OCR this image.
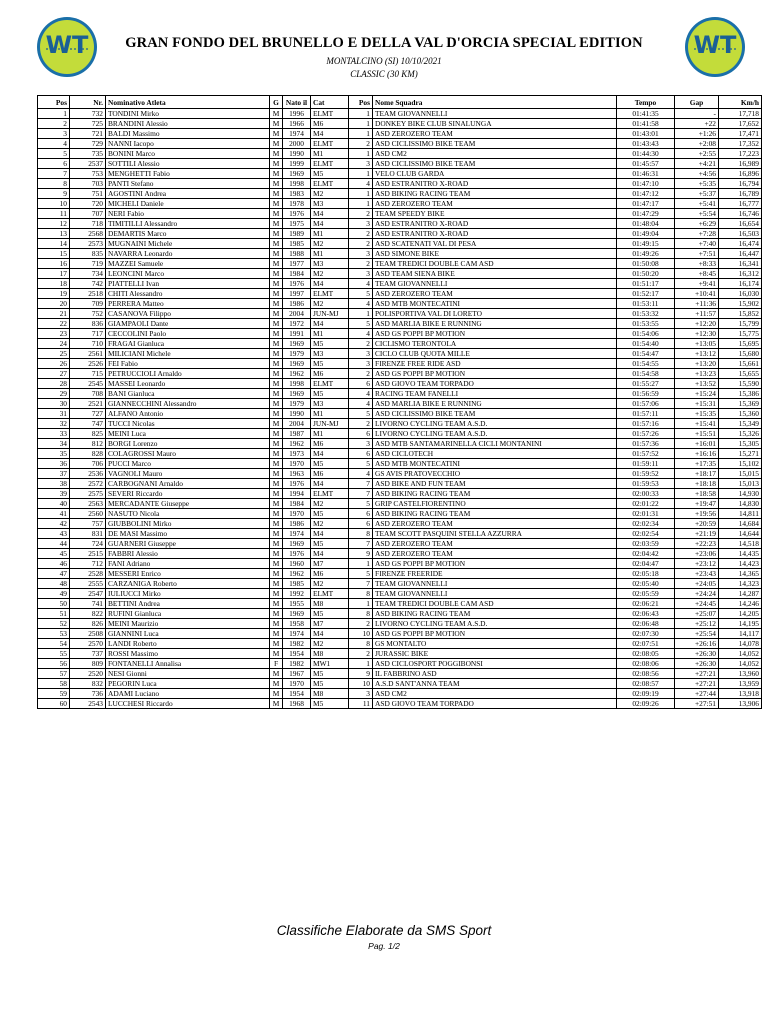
WT	WT
GRAN FONDO DEL BRUNELLO E DELLA VAL D'ORCIA SPECIAL EDITION
MONTALCINO (SI) 10/10/2021
CLASSIC (30 KM)
Pos	Nr.	Nominativo Atleta	G	Nato il	Cat	Pos	Nome Squadra	Tempo	Gap	Km/h
1	732	TONDINI Mirko	M	1996	ELMT	1	TEAM GIOVANNELLI	01:41:35	-	17,718
2	725	BRANDINI Alessio	M	1966	M6	1	DONKEY BIKE CLUB SINALUNGA	01:41:58	+22	17,652
3	721	BALDI Massimo	M	1974	M4	1	ASD ZEROZERO TEAM	01:43:01	+1:26	17,471
4	729	NANNI Iacopo	M	2000	ELMT	2	ASD CICLISSIMO BIKE TEAM	01:43:43	+2:08	17,352
5	735	BONINI Marco	M	1990	M1	1	ASD CM2	01:44:30	+2:55	17,223
6	2537	SOTTILI Alessio	M	1999	ELMT	3	ASD CICLISSIMO BIKE TEAM	01:45:57	+4:21	16,989
7	753	MENGHETTI Fabio	M	1969	M5	1	VELO CLUB GARDA	01:46:31	+4:56	16,896
8	703	PANTI Stefano	M	1998	ELMT	4	ASD ESTRANITRO X-ROAD	01:47:10	+5:35	16,794
9	751	AGOSTINI Andrea	M	1983	M2	1	ASD BIKING RACING TEAM	01:47:12	+5:37	16,789
10	720	MICHELI Daniele	M	1978	M3	1	ASD ZEROZERO TEAM	01:47:17	+5:41	16,777
11	707	NERI Fabio	M	1976	M4	2	TEAM SPEEDY BIKE	01:47:29	+5:54	16,746
12	718	TIMITILLI Alessandro	M	1975	M4	3	ASD ESTRANITRO X-ROAD	01:48:04	+6:29	16,654
13	2568	DEMARTIS Marco	M	1989	M1	2	ASD ESTRANITRO X-ROAD	01:49:04	+7:28	16,503
14	2573	MUGNAINI Michele	M	1985	M2	2	ASD SCATENATI VAL DI PESA	01:49:15	+7:40	16,474
15	835	NAVARRA Leonardo	M	1988	M1	3	ASD SIMONE BIKE	01:49:26	+7:51	16,447
16	719	MAZZEI Samuele	M	1977	M3	2	TEAM TREDICI DOUBLE CAM ASD	01:50:08	+8:33	16,341
17	734	LEONCINI Marco	M	1984	M2	3	ASD TEAM SIENA BIKE	01:50:20	+8:45	16,312
18	742	PIATTELLI Ivan	M	1976	M4	4	TEAM GIOVANNELLI	01:51:17	+9:41	16,174
19	2518	CHITI Alessandro	M	1997	ELMT	5	ASD ZEROZERO TEAM	01:52:17	+10:41	16,030
20	709	PERRERA Matteo	M	1986	M2	4	ASD MTB MONTECATINI	01:53:11	+11:36	15,902
21	752	CASANOVA Filippo	M	2004	JUN-MJ	1	POLISPORTIVA VAL DI LORETO	01:53:32	+11:57	15,852
22	836	GIAMPAOLI Dante	M	1972	M4	5	ASD MARLIA BIKE E RUNNING	01:53:55	+12:20	15,799
23	717	CECCOLINI Paolo	M	1991	M1	4	ASD GS POPPI BP MOTION	01:54:06	+12:30	15,775
24	710	FRAGAI Gianluca	M	1969	M5	2	CICLISMO TERONTOLA	01:54:40	+13:05	15,695
25	2561	MILICIANI Michele	M	1979	M3	3	CICLO CLUB QUOTA MILLE	01:54:47	+13:12	15,680
26	2526	FEI Fabio	M	1969	M5	3	FIRENZE FREE RIDE ASD	01:54:55	+13:20	15,661
27	715	PETRUCCIOLI Arnaldo	M	1962	M6	2	ASD GS POPPI BP MOTION	01:54:58	+13:23	15,655
28	2545	MASSEI Leonardo	M	1998	ELMT	6	ASD GIOVO TEAM TORPADO	01:55:27	+13:52	15,590
29	708	BANI Gianluca	M	1969	M5	4	RACING TEAM FANELLI	01:56:59	+15:24	15,386
30	2521	GIANNECCHINI Alessandro	M	1979	M3	4	ASD MARLIA BIKE E RUNNING	01:57:06	+15:31	15,369
31	727	ALFANO Antonio	M	1990	M1	5	ASD CICLISSIMO BIKE TEAM	01:57:11	+15:35	15,360
32	747	TUCCI Nicolas	M	2004	JUN-MJ	2	LIVORNO CYCLING TEAM A.S.D.	01:57:16	+15:41	15,349
33	825	MEINI Luca	M	1987	M1	6	LIVORNO CYCLING TEAM A.S.D.	01:57:26	+15:51	15,326
34	812	BORGI Lorenzo	M	1962	M6	3	ASD MTB SANTAMARINELLA CICLI MONTANINI	01:57:36	+16:01	15,305
35	828	COLAGROSSI Mauro	M	1973	M4	6	ASD CICLOTECH	01:57:52	+16:16	15,271
36	706	PUCCI Marco	M	1970	M5	5	ASD MTB MONTECATINI	01:59:11	+17:35	15,102
37	2536	VAGNOLI Mauro	M	1963	M6	4	GS AVIS PRATOVECCHIO	01:59:52	+18:17	15,015
38	2572	CARBOGNANI Arnaldo	M	1976	M4	7	ASD BIKE AND FUN TEAM	01:59:53	+18:18	15,013
39	2575	SEVERI Riccardo	M	1994	ELMT	7	ASD BIKING RACING TEAM	02:00:33	+18:58	14,930
40	2563	MERCADANTE Giuseppe	M	1984	M2	5	GRIP CASTELFIORENTINO	02:01:22	+19:47	14,830
41	2560	NASUTO Nicola	M	1970	M5	6	ASD BIKING RACING TEAM	02:01:31	+19:56	14,811
42	757	GIUBBOLINI Mirko	M	1986	M2	6	ASD ZEROZERO TEAM	02:02:34	+20:59	14,684
43	831	DE MASI Massimo	M	1974	M4	8	TEAM SCOTT PASQUINI STELLA AZZURRA	02:02:54	+21:19	14,644
44	724	GUARNERI Giuseppe	M	1969	M5	7	ASD ZEROZERO TEAM	02:03:59	+22:23	14,518
45	2515	FABBRI Alessio	M	1976	M4	9	ASD ZEROZERO TEAM	02:04:42	+23:06	14,435
46	712	FANI Adriano	M	1960	M7	1	ASD GS POPPI BP MOTION	02:04:47	+23:12	14,423
47	2528	MESSERI Enrico	M	1962	M6	5	FIRENZE FREERIDE	02:05:18	+23:43	14,365
48	2555	CARZANIGA Roberto	M	1985	M2	7	TEAM GIOVANNELLI	02:05:40	+24:05	14,323
49	2547	IULIUCCI Mirko	M	1992	ELMT	8	TEAM GIOVANNELLI	02:05:59	+24:24	14,287
50	741	BETTINI Andrea	M	1955	M8	1	TEAM TREDICI DOUBLE CAM ASD	02:06:21	+24:45	14,246
51	822	RUFINI Gianluca	M	1969	M5	8	ASD BIKING RACING TEAM	02:06:43	+25:07	14,205
52	826	MEINI Maurizio	M	1958	M7	2	LIVORNO CYCLING TEAM A.S.D.	02:06:48	+25:12	14,195
53	2508	GIANNINI Luca	M	1974	M4	10	ASD GS POPPI BP MOTION	02:07:30	+25:54	14,117
54	2570	LANDI Roberto	M	1982	M2	8	GS MONTALTO	02:07:51	+26:16	14,078
55	737	ROSSI Massimo	M	1954	M8	2	JURASSIC BIKE	02:08:05	+26:30	14,052
56	809	FONTANELLI Annalisa	F	1982	MW1	1	ASD CICLOSPORT POGGIBONSI	02:08:06	+26:30	14,052
57	2520	NESI Gionni	M	1967	M5	9	IL FABBRINO ASD	02:08:56	+27:21	13,960
58	832	PEGORIN Luca	M	1970	M5	10	A.S.D SANT'ANNA TEAM	02:08:57	+27:21	13,959
59	736	ADAMI Luciano	M	1954	M8	3	ASD CM2	02:09:19	+27:44	13,918
60	2543	LUCCHESI Riccardo	M	1968	M5	11	ASD GIOVO TEAM TORPADO	02:09:26	+27:51	13,906
Classifiche Elaborate da SMS Sport
Pag. 1/2
